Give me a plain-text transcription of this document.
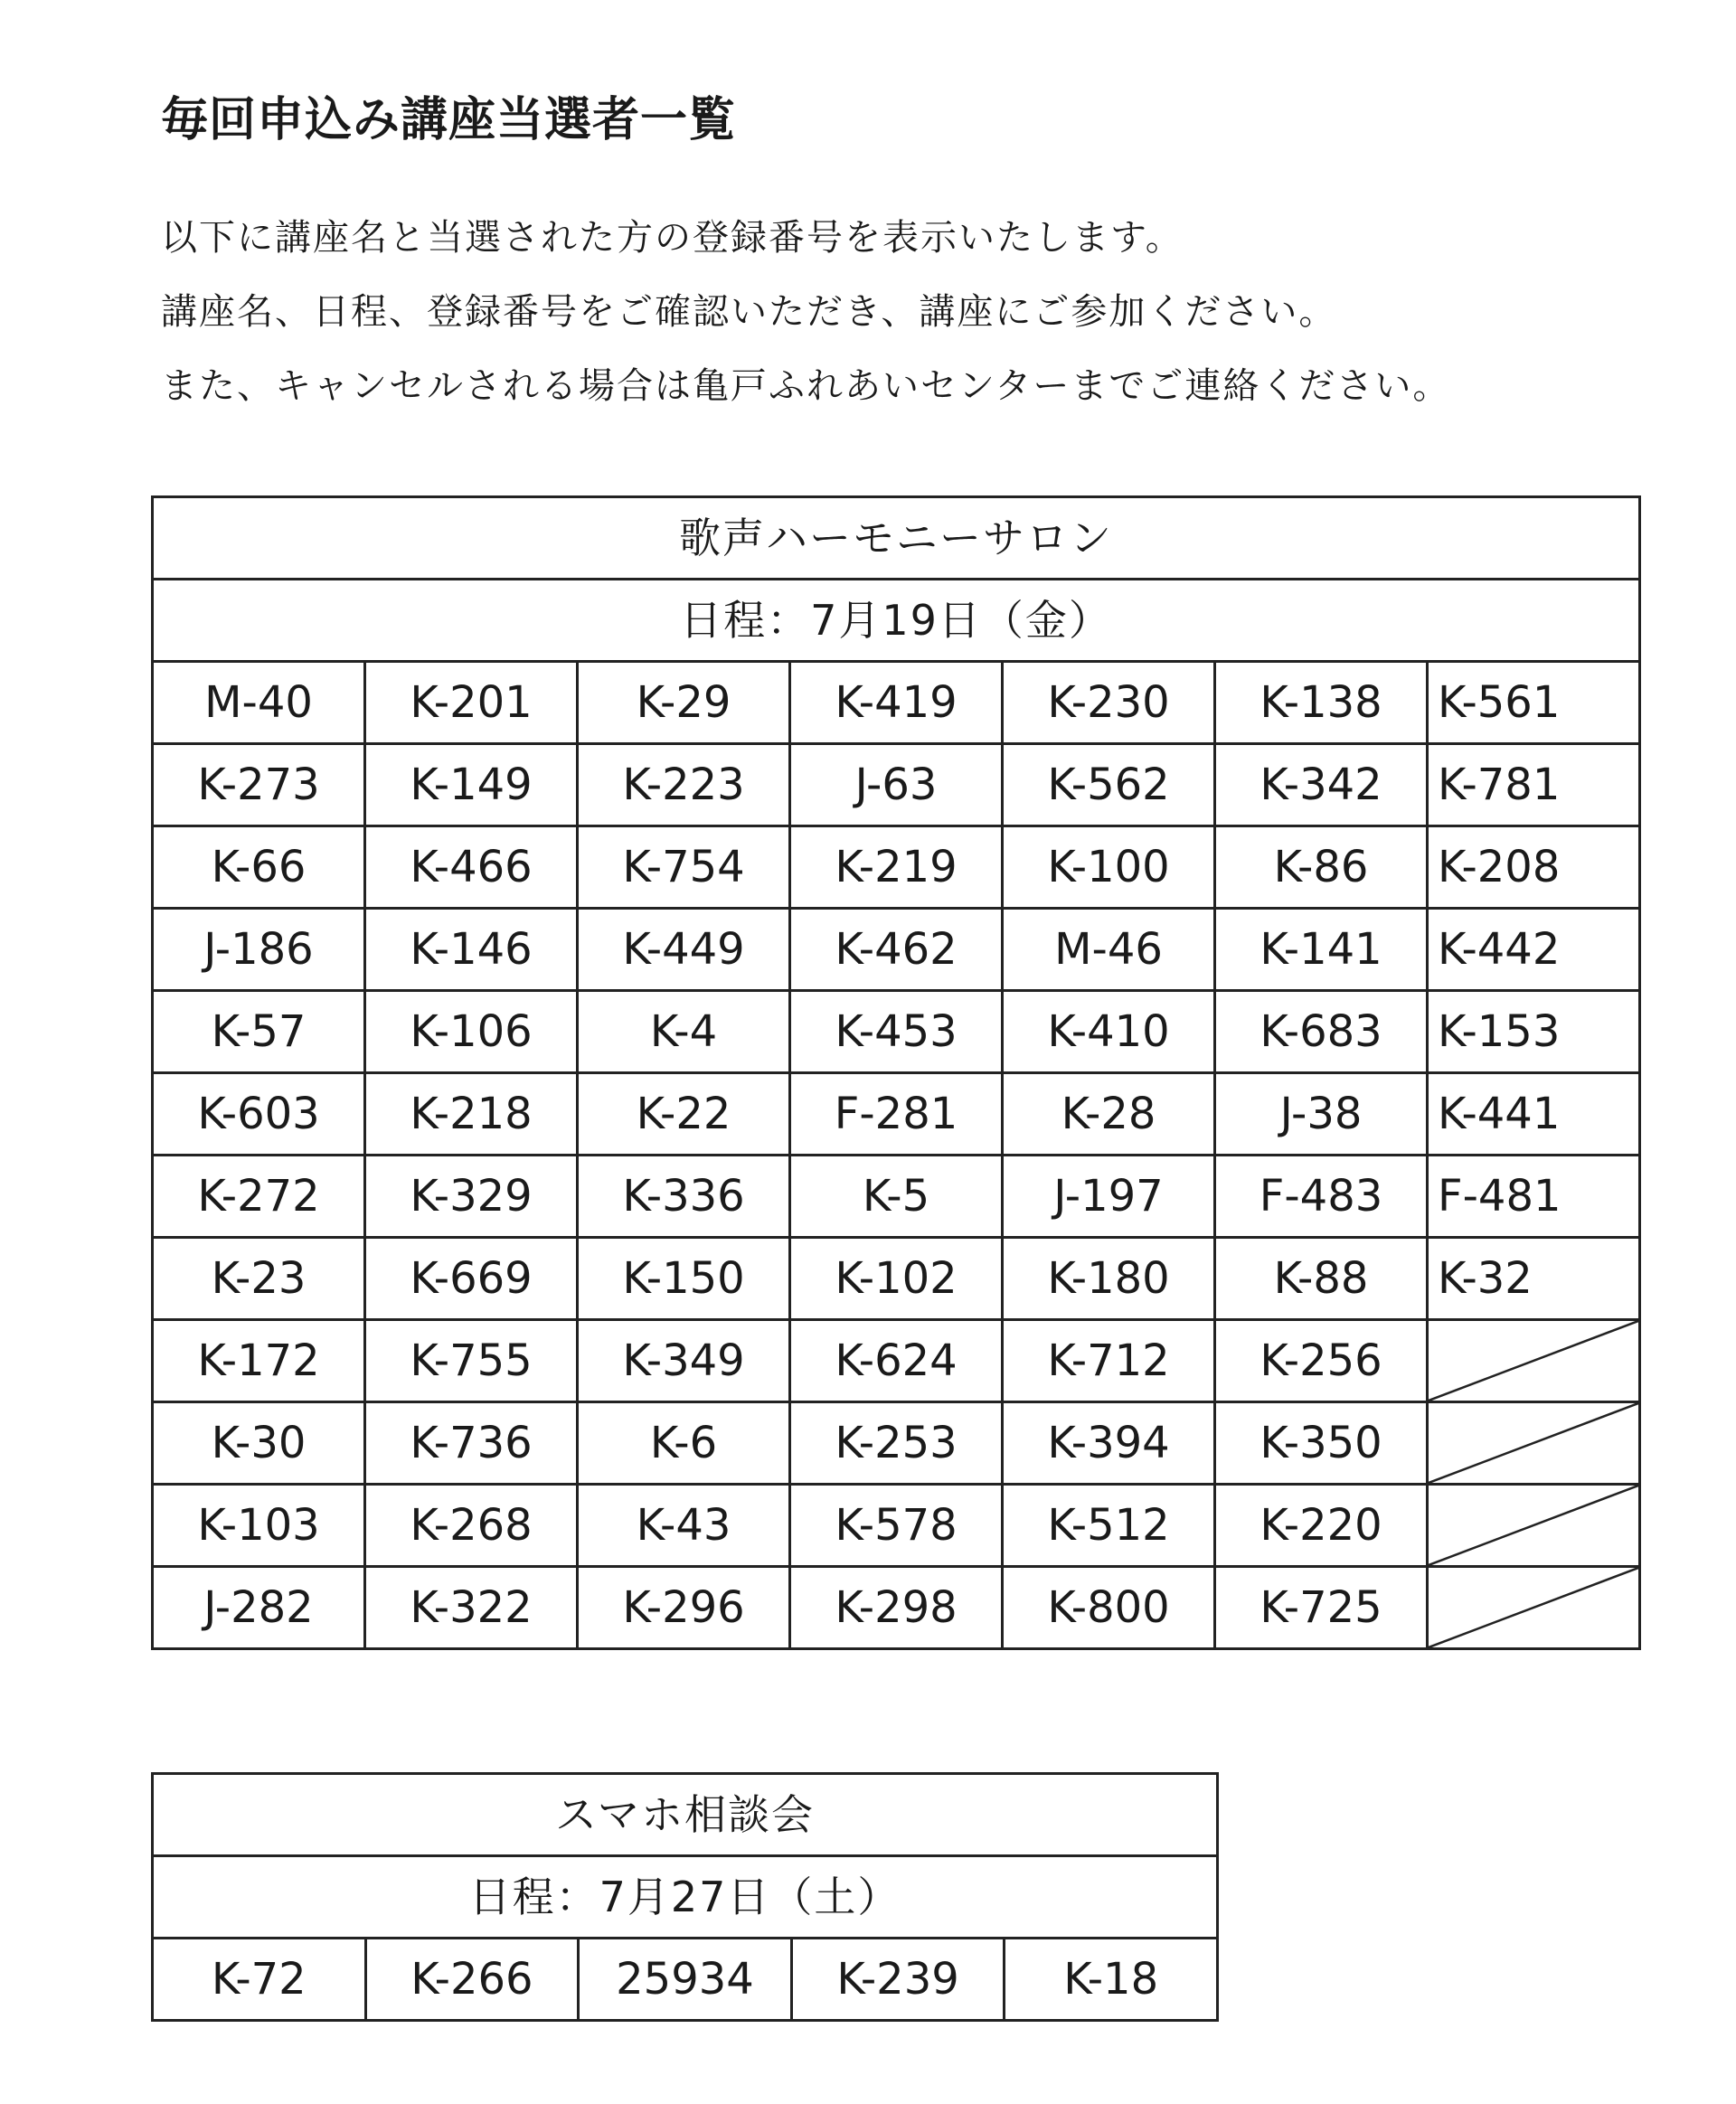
毎回申込み講座当選者一覧

以下に講座名と当選された方の登録番号を表示いたします。

講座名、日程、登録番号をご確認いただき、講座にご参加ください。

また、キャンセルされる場合は亀戸ふれあいセンターまでご連絡ください。

歌声ハーモニーサロン						
日程：7月19日（金）						
M-40	K-201	K-29	K-419	K-230	K-138	K-561
K-273	K-149	K-223	J-63	K-562	K-342	K-781
K-66	K-466	K-754	K-219	K-100	K-86	K-208
J-186	K-146	K-449	K-462	M-46	K-141	K-442
K-57	K-106	K-4	K-453	K-410	K-683	K-153
K-603	K-218	K-22	F-281	K-28	J-38	K-441
K-272	K-329	K-336	K-5	J-197	F-483	F-481
K-23	K-669	K-150	K-102	K-180	K-88	K-32
K-172	K-755	K-349	K-624	K-712	K-256	

K-30	K-736	K-6	K-253	K-394	K-350	

K-103	K-268	K-43	K-578	K-512	K-220	

J-282	K-322	K-296	K-298	K-800	K-725	
スマホ相談会
日程：7月27日（土）
K-72	K-266	25934	K-239	K-18
